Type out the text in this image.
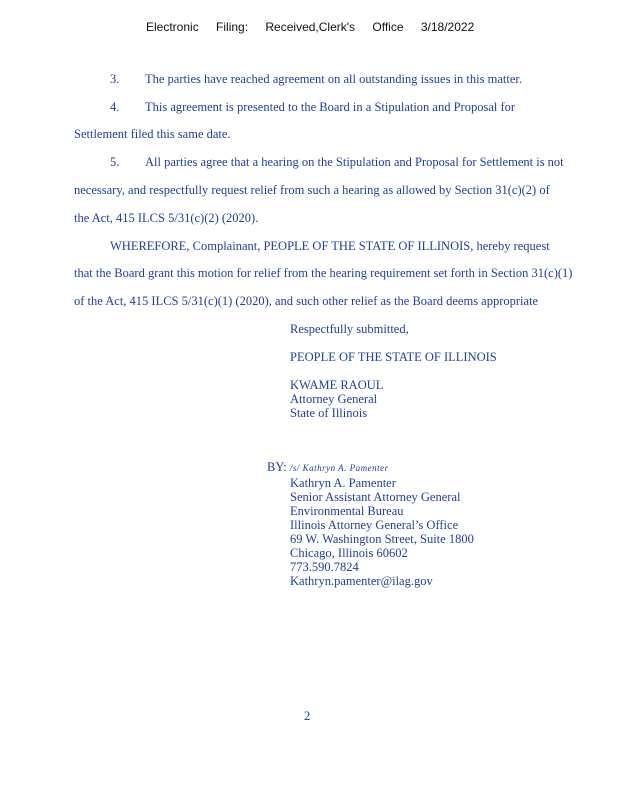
Electronic Filing: Received,Clerk's Office 3/18/2022
3. The parties have reached agreement on all outstanding issues in this matter.
4. This agreement is presented to the Board in a Stipulation and Proposal for
Settlement filed this same date.
5. All parties agree that a hearing on the Stipulation and Proposal for Settlement is not
necessary, and respectfully request relief from such a hearing as allowed by Section 31(c)(2) of
the Act, 415 ILCS 5/31(c)(2) (2020).
WHEREFORE, Complainant, PEOPLE OF THE STATE OF ILLINOIS, hereby request
that the Board grant this motion for relief from the hearing requirement set forth in Section 31(c)(1)
of the Act, 415 ILCS 5/31(c)(1) (2020), and such other relief as the Board deems appropriate
Respectfully submitted,
PEOPLE OF THE STATE OF ILLINOIS
KWAME RAOUL
Attorney General
State of Illinois
BY: /s/ Kathryn A. Pamenter
Kathryn A. Pamenter
Senior Assistant Attorney General
Environmental Bureau
Illinois Attorney General’s Office
69 W. Washington Street, Suite 1800
Chicago, Illinois 60602
773.590.7824
Kathryn.pamenter@ilag.gov
2
